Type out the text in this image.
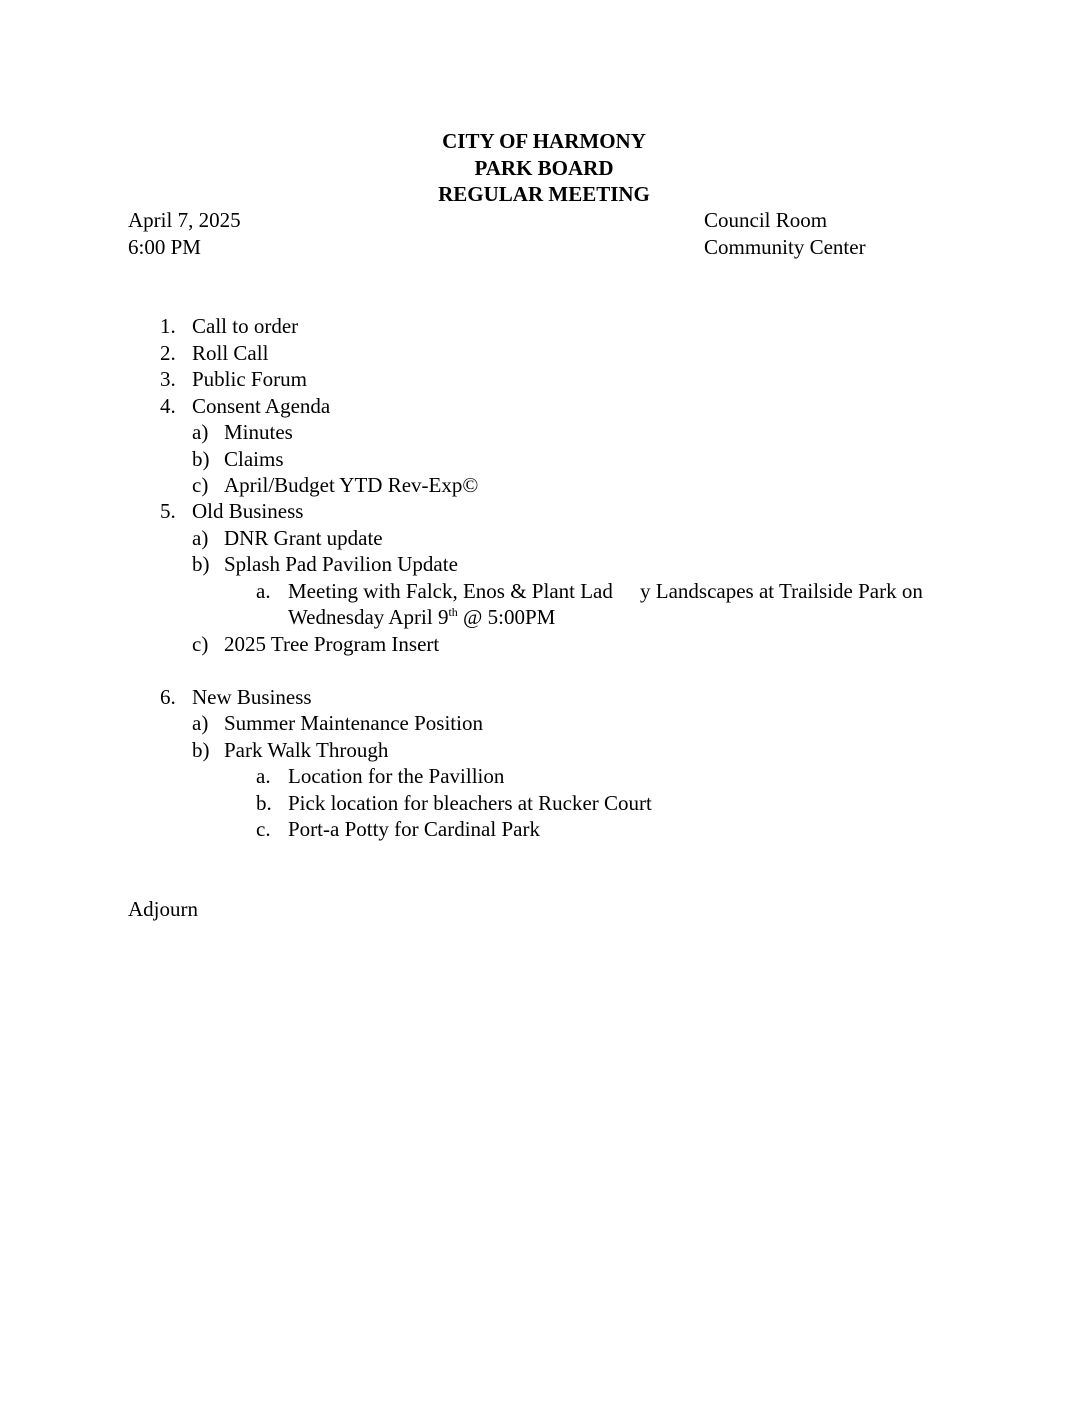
CITY OF HARMONY
PARK BOARD
REGULAR MEETING
April 7, 2025
6:00 PM
Council Room
Community Center
1. Call to order
2. Roll Call
3. Public Forum
4. Consent Agenda
a) Minutes
b) Claims
c) April/Budget YTD Rev-Exp©
5. Old Business
a) DNR Grant update
b) Splash Pad Pavilion Update
a. Meeting with Falck, Enos & Plant Lad y Landscapes at Trailside Park on
Wednesday April 9th @ 5:00PM
c) 2025 Tree Program Insert
6. New Business
a) Summer Maintenance Position
b) Park Walk Through
a. Location for the Pavillion
b. Pick location for bleachers at Rucker Court
c. Port-a Potty for Cardinal Park
Adjourn
